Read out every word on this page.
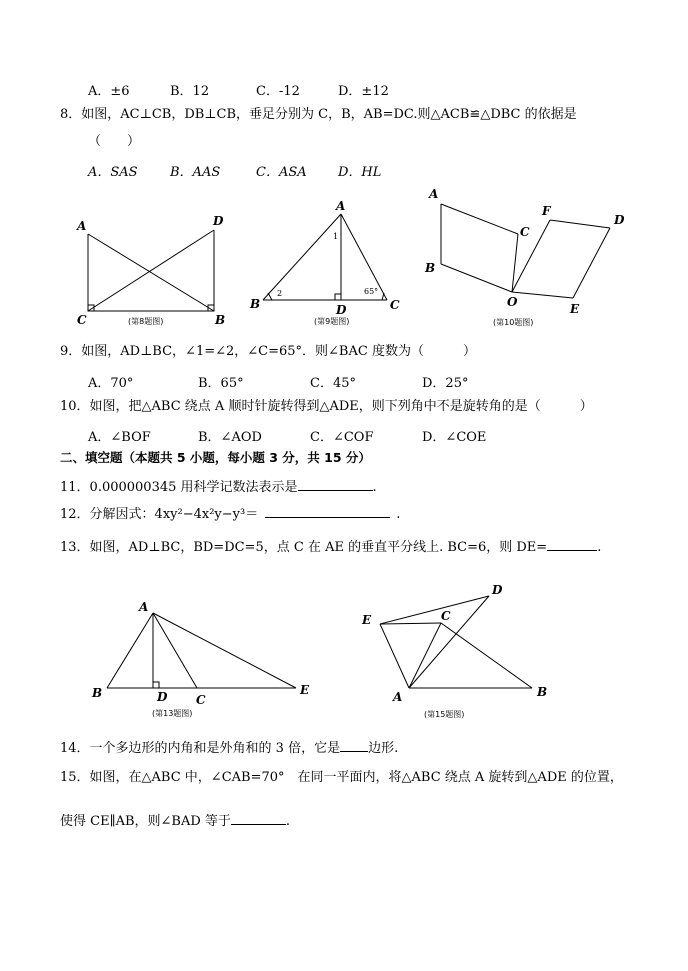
A．±6	B．12	C．-12	D．±12
8．如图，AC⊥CB，DB⊥CB，垂足分别为 C，B，AB=DC.则△ACB≌△DBC 的依据是
（　　）
A．SAS B．AAS	C．ASA D．HL
A	D
C	B
(第8题图)
A
1
2	65°
B	D	C
(第9题图)
A
F
D
C
B
O	E
(第10题图)
9．如图，AD⊥BC，∠1=∠2，∠C=65°．则∠BAC 度数为（　　　）
A．70°	B．65°	C．45°	D．25°
10．如图，把△ABC 绕点 A 顺时针旋转得到△ADE，则下列角中不是旋转角的是（　　　）
A．∠BOF	B．∠AOD	C．∠COF	D．∠COE
二、填空题（本题共 5 小题，每小题 3 分，共 15 分）
11．0.000000345 用科学记数法表示是	.
12．分解因式：4xy²−4x²y−y³＝  	.
13．如图，AD⊥BC，BD=DC=5，点 C 在 AE 的垂直平分线上. BC=6，则 DE=	.
A
B	D C
E
(第13题图)
D
E	C
A	B
(第15题图)
14．一个多边形的内角和是外角和的 3 倍，它是 边形.
15．如图，在△ABC 中，∠CAB=70°　在同一平面内，将△ABC 绕点 A 旋转到△ADE 的位置，
使得 CE∥AB，则∠BAD 等于	.
